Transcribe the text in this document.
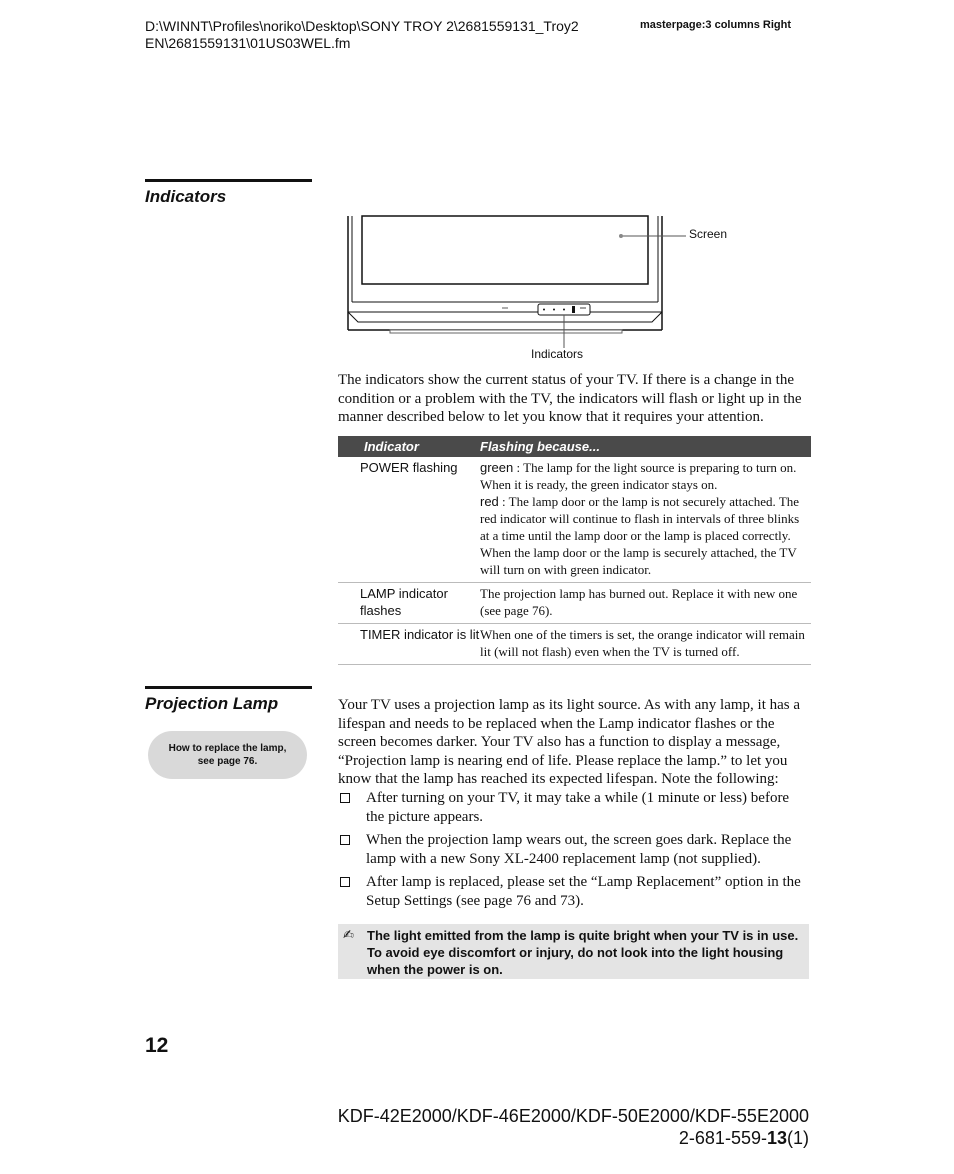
D:\WINNT\Profiles\noriko\Desktop\SONY TROY 2\2681559131_Troy2
EN\2681559131\01US03WEL.fm
masterpage:3 columns Right
Indicators
Screen
Indicators
The indicators show the current status of your TV. If there is a change in the condition or a problem with the TV, the indicators will flash or light up in the manner described below to let you know that it requires your attention.
Indicator	Flashing because...
POWER flashing	green : The lamp for the light source is preparing to turn on. When it is ready, the green indicator stays on.
red : The lamp door or the lamp is not securely attached. The red indicator will continue to flash in intervals of three blinks at a time until the lamp door or the lamp is placed correctly. When the lamp door or the lamp is securely attached, the TV will turn on with green indicator.
LAMP indicator flashes	The projection lamp has burned out. Replace it with new one (see page 76).
TIMER indicator is lit	When one of the timers is set, the orange indicator will remain lit (will not flash) even when the TV is turned off.
Projection Lamp
How to replace the lamp,
see page 76.
Your TV uses a projection lamp as its light source. As with any lamp, it has a lifespan and needs to be replaced when the Lamp indicator flashes or the screen becomes darker. Your TV also has a function to display a message, “Projection lamp is nearing end of life. Please replace the lamp.” to let you know that the lamp has reached its expected lifespan. Note the following:
After turning on your TV, it may take a while (1 minute or less) before the picture appears.
When the projection lamp wears out, the screen goes dark. Replace the lamp with a new Sony XL-2400 replacement lamp (not supplied).
After lamp is replaced, please set the “Lamp Replacement” option in the Setup Settings (see page 76 and 73).
✍ The light emitted from the lamp is quite bright when your TV is in use. To avoid eye discomfort or injury, do not look into the light housing when the power is on.
12
KDF-42E2000/KDF-46E2000/KDF-50E2000/KDF-55E2000
2-681-559-13(1)
